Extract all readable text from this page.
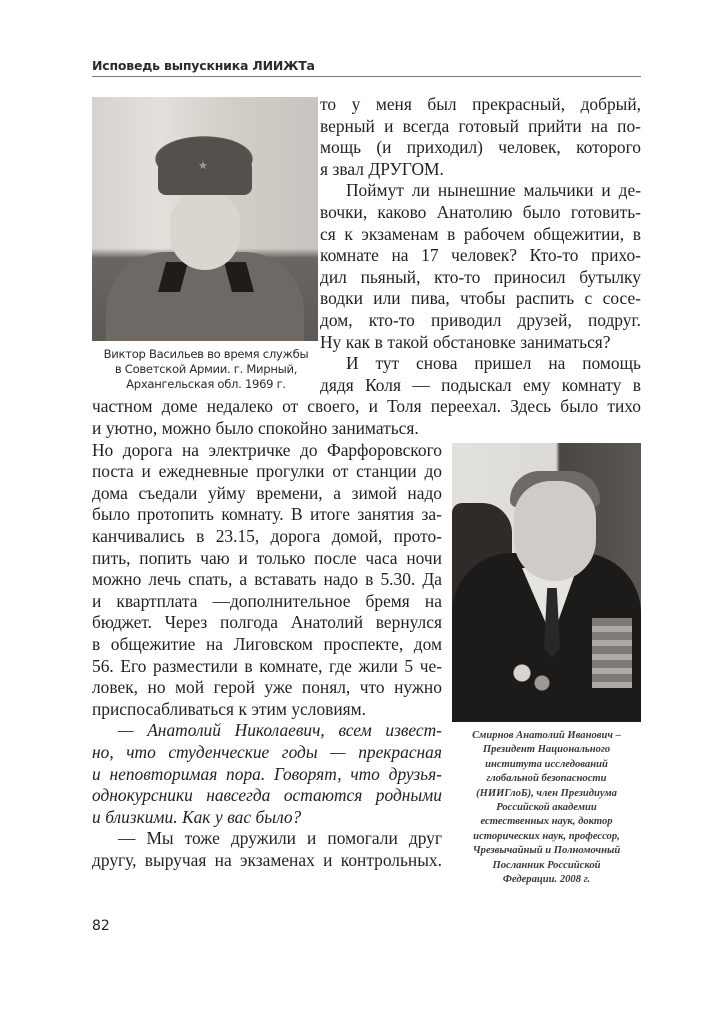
Исповедь выпускника ЛИИЖТа
★
Виктор Васильев во время службы
в Советской Армии. г. Мирный,
Архангельская обл. 1969 г.
Смирнов Анатолий Иванович –
Президент Национального
института исследований
глобальной безопасности
(НИИГлоБ), член Президиума
Российской академии
естественных наук, доктор
исторических наук, профессор,
Чрезвычайный и Полномочный
Посланник Российской
Федерации. 2008 г.
то у меня был прекрасный, добрый,
верный и всегда готовый прийти на по-
мощь (и приходил) человек, которого
я звал ДРУГОМ.
Поймут ли нынешние мальчики и де-
вочки, каково Анатолию было готовить-
ся к экзаменам в рабочем общежитии, в
комнате на 17 человек? Кто-то прихо-
дил пьяный, кто-то приносил бутылку
водки или пива, чтобы распить с сосе-
дом, кто-то приводил друзей, подруг.
Ну как в такой обстановке заниматься?
И тут снова пришел на помощь
дядя Коля — подыскал ему комнату в
частном доме недалеко от своего, и Толя переехал. Здесь было тихо
и уютно, можно было спокойно заниматься.
Но дорога на электричке до Фарфоровского
поста и ежедневные прогулки от станции до
дома съедали уйму времени, а зимой надо
было протопить комнату. В итоге занятия за-
канчивались в 23.15, дорога домой, прото-
пить, попить чаю и только после часа ночи
можно лечь спать, а вставать надо в 5.30. Да
и квартплата —дополнительное бремя на
бюджет. Через полгода Анатолий вернулся
в общежитие на Лиговском проспекте, дом
56. Его разместили в комнате, где жили 5 че-
ловек, но мой герой уже понял, что нужно
приспосабливаться к этим условиям.
— Анатолий Николаевич, всем извест-
но, что студенческие годы — прекрасная
и неповторимая пора. Говорят, что друзья-
однокурсники навсегда остаются родными
и близкими. Как у вас было?
— Мы тоже дружили и помогали друг
другу, выручая на экзаменах и контрольных.
82
